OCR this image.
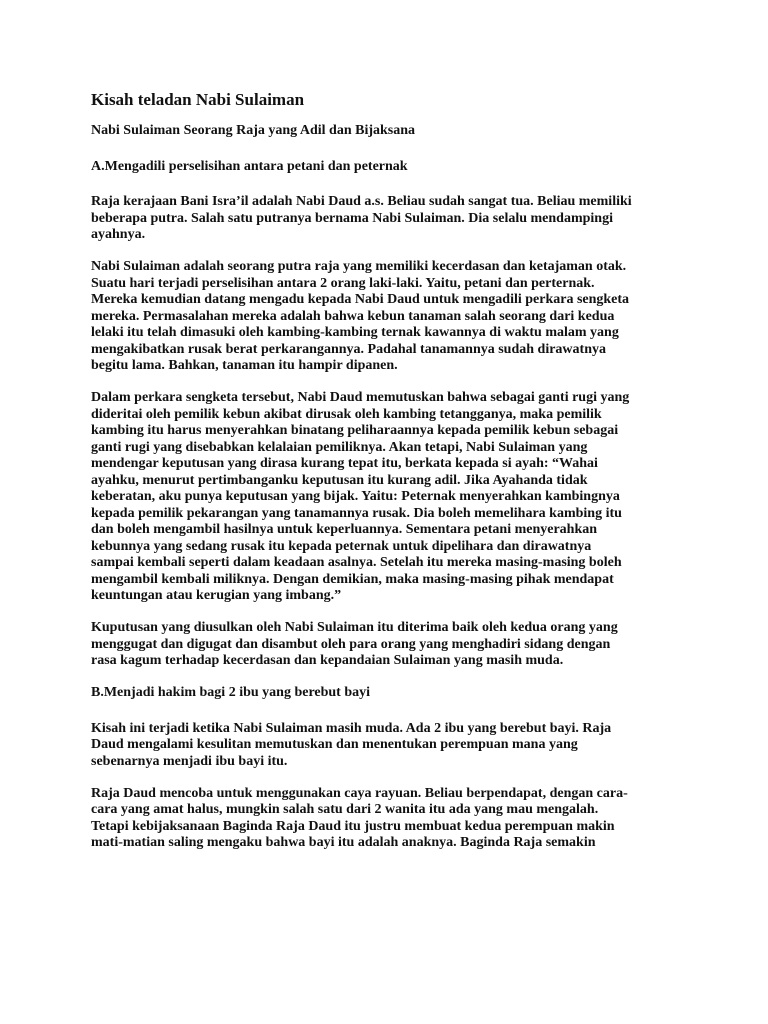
Kisah teladan Nabi Sulaiman
Nabi Sulaiman Seorang Raja yang Adil dan Bijaksana
A.Mengadili perselisihan antara petani dan peternak
Raja kerajaan Bani Isra’il adalah Nabi Daud a.s. Beliau sudah sangat tua. Beliau memiliki
beberapa putra. Salah satu putranya bernama Nabi Sulaiman. Dia selalu mendampingi
ayahnya.
Nabi Sulaiman adalah seorang putra raja yang memiliki kecerdasan dan ketajaman otak.
Suatu hari terjadi perselisihan antara 2 orang laki-laki. Yaitu, petani dan perternak.
Mereka kemudian datang mengadu kepada Nabi Daud untuk mengadili perkara sengketa
mereka. Permasalahan mereka adalah bahwa kebun tanaman salah seorang dari kedua
lelaki itu telah dimasuki oleh kambing-kambing ternak kawannya di waktu malam yang
mengakibatkan rusak berat perkarangannya. Padahal tanamannya sudah dirawatnya
begitu lama. Bahkan, tanaman itu hampir dipanen.
Dalam perkara sengketa tersebut, Nabi Daud memutuskan bahwa sebagai ganti rugi yang
dideritai oleh pemilik kebun akibat dirusak oleh kambing tetangganya, maka pemilik
kambing itu harus menyerahkan binatang peliharaannya kepada pemilik kebun sebagai
ganti rugi yang disebabkan kelalaian pemiliknya. Akan tetapi, Nabi Sulaiman yang
mendengar keputusan yang dirasa kurang tepat itu, berkata kepada si ayah: “Wahai
ayahku, menurut pertimbanganku keputusan itu kurang adil. Jika Ayahanda tidak
keberatan, aku punya keputusan yang bijak. Yaitu: Peternak menyerahkan kambingnya
kepada pemilik pekarangan yang tanamannya rusak. Dia boleh memelihara kambing itu
dan boleh mengambil hasilnya untuk keperluannya. Sementara petani menyerahkan
kebunnya yang sedang rusak itu kepada peternak untuk dipelihara dan dirawatnya
sampai kembali seperti dalam keadaan asalnya. Setelah itu mereka masing-masing boleh
mengambil kembali miliknya. Dengan demikian, maka masing-masing pihak mendapat
keuntungan atau kerugian yang imbang.”
Kuputusan yang diusulkan oleh Nabi Sulaiman itu diterima baik oleh kedua orang yang
menggugat dan digugat dan disambut oleh para orang yang menghadiri sidang dengan
rasa kagum terhadap kecerdasan dan kepandaian Sulaiman yang masih muda.
B.Menjadi hakim bagi 2 ibu yang berebut bayi
Kisah ini terjadi ketika Nabi Sulaiman masih muda. Ada 2 ibu yang berebut bayi. Raja
Daud mengalami kesulitan memutuskan dan menentukan perempuan mana yang
sebenarnya menjadi ibu bayi itu.
Raja Daud mencoba untuk menggunakan caya rayuan. Beliau berpendapat, dengan cara-
cara yang amat halus, mungkin salah satu dari 2 wanita itu ada yang mau mengalah.
Tetapi kebijaksanaan Baginda Raja Daud itu justru membuat kedua perempuan makin
mati-matian saling mengaku bahwa bayi itu adalah anaknya. Baginda Raja semakin
